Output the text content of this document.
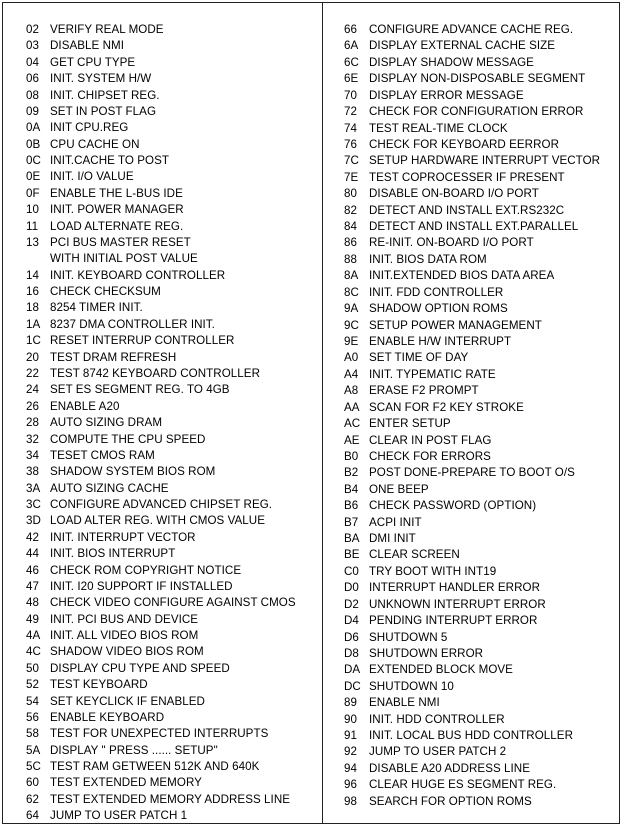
02 VERIFY REAL MODE
03 DISABLE NMI
04 GET CPU TYPE
06 INIT. SYSTEM H/W
08 INIT. CHIPSET REG.
09 SET IN POST FLAG
0A INIT CPU.REG
0B CPU CACHE ON
0C INIT.CACHE TO POST
0E INIT. I/O VALUE
0F ENABLE THE L-BUS IDE
10 INIT. POWER MANAGER
11 LOAD ALTERNATE REG.
13 PCI BUS MASTER RESET
WITH INITIAL POST VALUE
14 INIT. KEYBOARD CONTROLLER
16 CHECK CHECKSUM
18 8254 TIMER INIT.
1A 8237 DMA CONTROLLER INIT.
1C RESET INTERRUP CONTROLLER
20 TEST DRAM REFRESH
22 TEST 8742 KEYBOARD CONTROLLER
24 SET ES SEGMENT REG. TO 4GB
26 ENABLE A20
28 AUTO SIZING DRAM
32 COMPUTE THE CPU SPEED
34 TESET CMOS RAM
38 SHADOW SYSTEM BIOS ROM
3A AUTO SIZING CACHE
3C CONFIGURE ADVANCED CHIPSET REG.
3D LOAD ALTER REG. WITH CMOS VALUE
42 INIT. INTERRUPT VECTOR
44 INIT. BIOS INTERRUPT
46 CHECK ROM COPYRIGHT NOTICE
47 INIT. I20 SUPPORT IF INSTALLED
48 CHECK VIDEO CONFIGURE AGAINST CMOS
49 INIT. PCI BUS AND DEVICE
4A INIT. ALL VIDEO BIOS ROM
4C SHADOW VIDEO BIOS ROM
50 DISPLAY CPU TYPE AND SPEED
52 TEST KEYBOARD
54 SET KEYCLICK IF ENABLED
56 ENABLE KEYBOARD
58 TEST FOR UNEXPECTED INTERRUPTS
5A DISPLAY " PRESS ...... SETUP"
5C TEST RAM GETWEEN 512K AND 640K
60 TEST EXTENDED MEMORY
62 TEST EXTENDED MEMORY ADDRESS LINE
64 JUMP TO USER PATCH 1
66 CONFIGURE ADVANCE CACHE REG.
6A DISPLAY EXTERNAL CACHE SIZE
6C DISPLAY SHADOW MESSAGE
6E DISPLAY NON-DISPOSABLE SEGMENT
70 DISPLAY ERROR MESSAGE
72 CHECK FOR CONFIGURATION ERROR
74 TEST REAL-TIME CLOCK
76 CHECK FOR KEYBOARD EERROR
7C SETUP HARDWARE INTERRUPT VECTOR
7E TEST COPROCESSER IF PRESENT
80 DISABLE ON-BOARD I/O PORT
82 DETECT AND INSTALL EXT.RS232C
84 DETECT AND INSTALL EXT.PARALLEL
86 RE-INIT. ON-BOARD I/O PORT
88 INIT. BIOS DATA ROM
8A INIT.EXTENDED BIOS DATA AREA
8C INIT. FDD CONTROLLER
9A SHADOW OPTION ROMS
9C SETUP POWER MANAGEMENT
9E ENABLE H/W INTERRUPT
A0 SET TIME OF DAY
A4 INIT. TYPEMATIC RATE
A8 ERASE F2 PROMPT
AA SCAN FOR F2 KEY STROKE
AC ENTER SETUP
AE CLEAR IN POST FLAG
B0 CHECK FOR ERRORS
B2 POST DONE-PREPARE TO BOOT O/S
B4 ONE BEEP
B6 CHECK PASSWORD (OPTION)
B7 ACPI INIT
BA DMI INIT
BE CLEAR SCREEN
C0 TRY BOOT WITH INT19
D0 INTERRUPT HANDLER ERROR
D2 UNKNOWN INTERRUPT ERROR
D4 PENDING INTERRUPT ERROR
D6 SHUTDOWN 5
D8 SHUTDOWN ERROR
DA EXTENDED BLOCK MOVE
DC SHUTDOWN 10
89 ENABLE NMI
90 INIT. HDD CONTROLLER
91 INIT. LOCAL BUS HDD CONTROLLER
92 JUMP TO USER PATCH 2
94 DISABLE A20 ADDRESS LINE
96 CLEAR HUGE ES SEGMENT REG.
98 SEARCH FOR OPTION ROMS
